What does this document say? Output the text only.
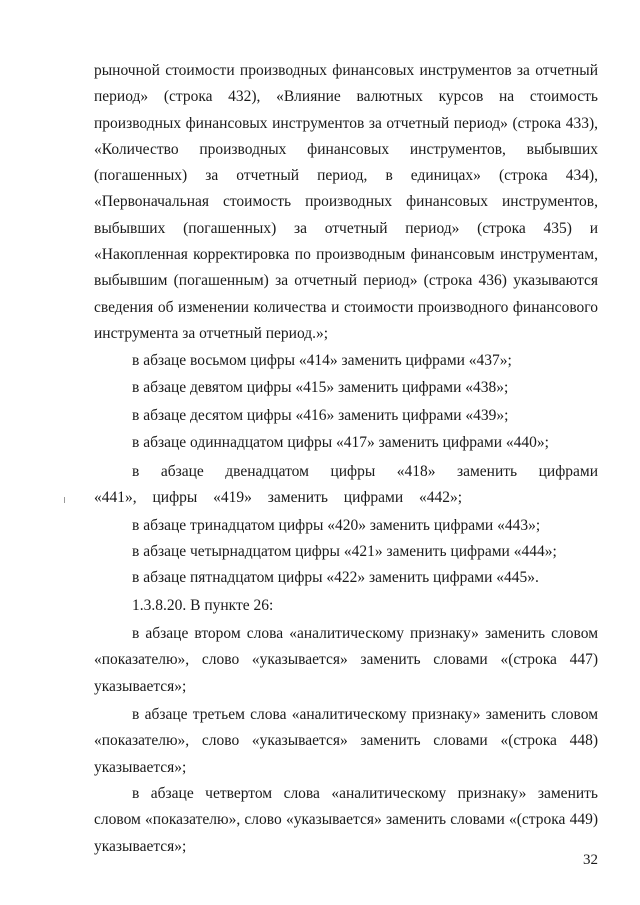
рыночной стоимости производных финансовых инструментов за отчетный период» (строка 432), «Влияние валютных курсов на стоимость производных финансовых инструментов за отчетный период» (строка 433), «Количество производных финансовых инструментов, выбывших (погашенных) за отчетный период, в единицах» (строка 434), «Первоначальная стоимость производных финансовых инструментов, выбывших (погашенных) за отчетный период» (строка 435) и «Накопленная корректировка по производным финансовым инструментам, выбывшим (погашенным) за отчетный период» (строка 436) указываются сведения об изменении количества и стоимости производного финансового инструмента за отчетный период.»;

в абзаце восьмом цифры «414» заменить цифрами «437»;

в абзаце девятом цифры «415» заменить цифрами «438»;

в абзаце десятом цифры «416» заменить цифрами «439»;

в абзаце одиннадцатом цифры «417» заменить цифрами «440»;

в абзаце двенадцатом цифры «418» заменить цифрами «441», цифры «419» заменить цифрами «442»;

в абзаце тринадцатом цифры «420» заменить цифрами «443»;

в абзаце четырнадцатом цифры «421» заменить цифрами «444»;

в абзаце пятнадцатом цифры «422» заменить цифрами «445».

1.3.8.20. В пункте 26:

в абзаце втором слова «аналитическому признаку» заменить словом «показателю», слово «указывается» заменить словами «(строка 447) указывается»;

в абзаце третьем слова «аналитическому признаку» заменить словом «показателю», слово «указывается» заменить словами «(строка 448) указывается»;

в абзаце четвертом слова «аналитическому признаку» заменить словом «показателю», слово «указывается» заменить словами «(строка 449) указывается»;

32
